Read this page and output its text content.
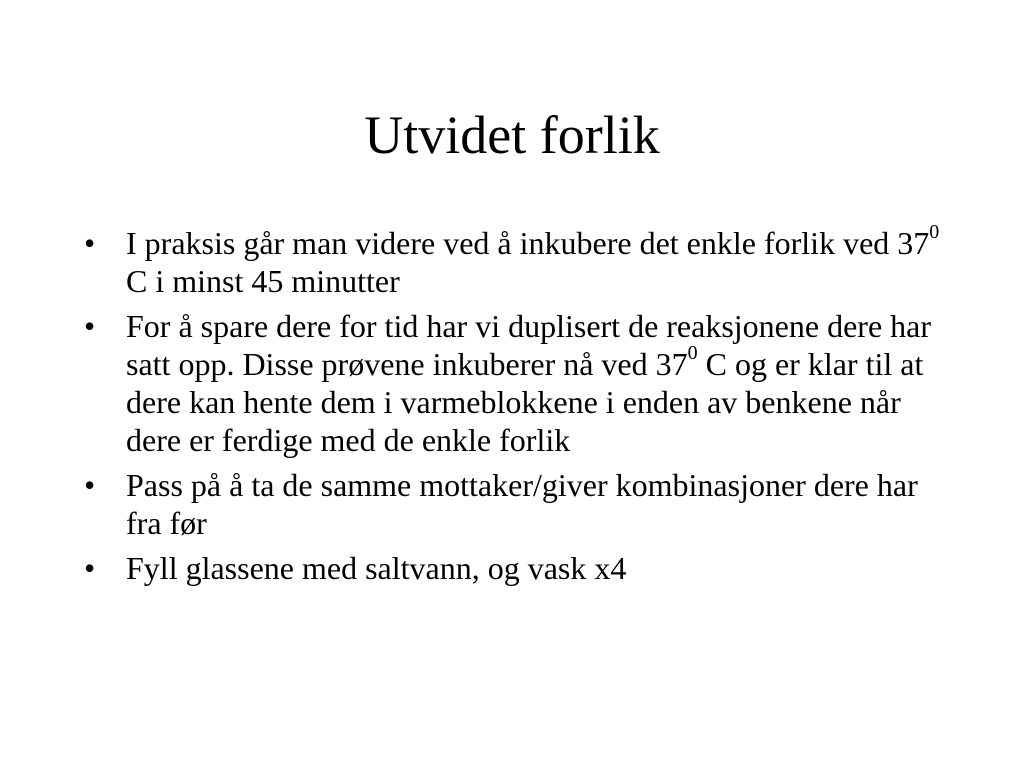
Utvidet forlik
• I praksis går man videre ved å inkubere det enkle forlik ved $37^0$ C i minst 45 minutter
• For å spare dere for tid har vi duplisert de reaksjonene dere har satt opp. Disse prøvene inkuberer nå ved $37^0$ C og er klar til at dere kan hente dem i varmeblokkene i enden av benkene når dere er ferdige med de enkle forlik
• Pass på å ta de samme mottaker/giver kombinasjoner dere har fra før
• Fyll glassene med saltvann, og vask x4
